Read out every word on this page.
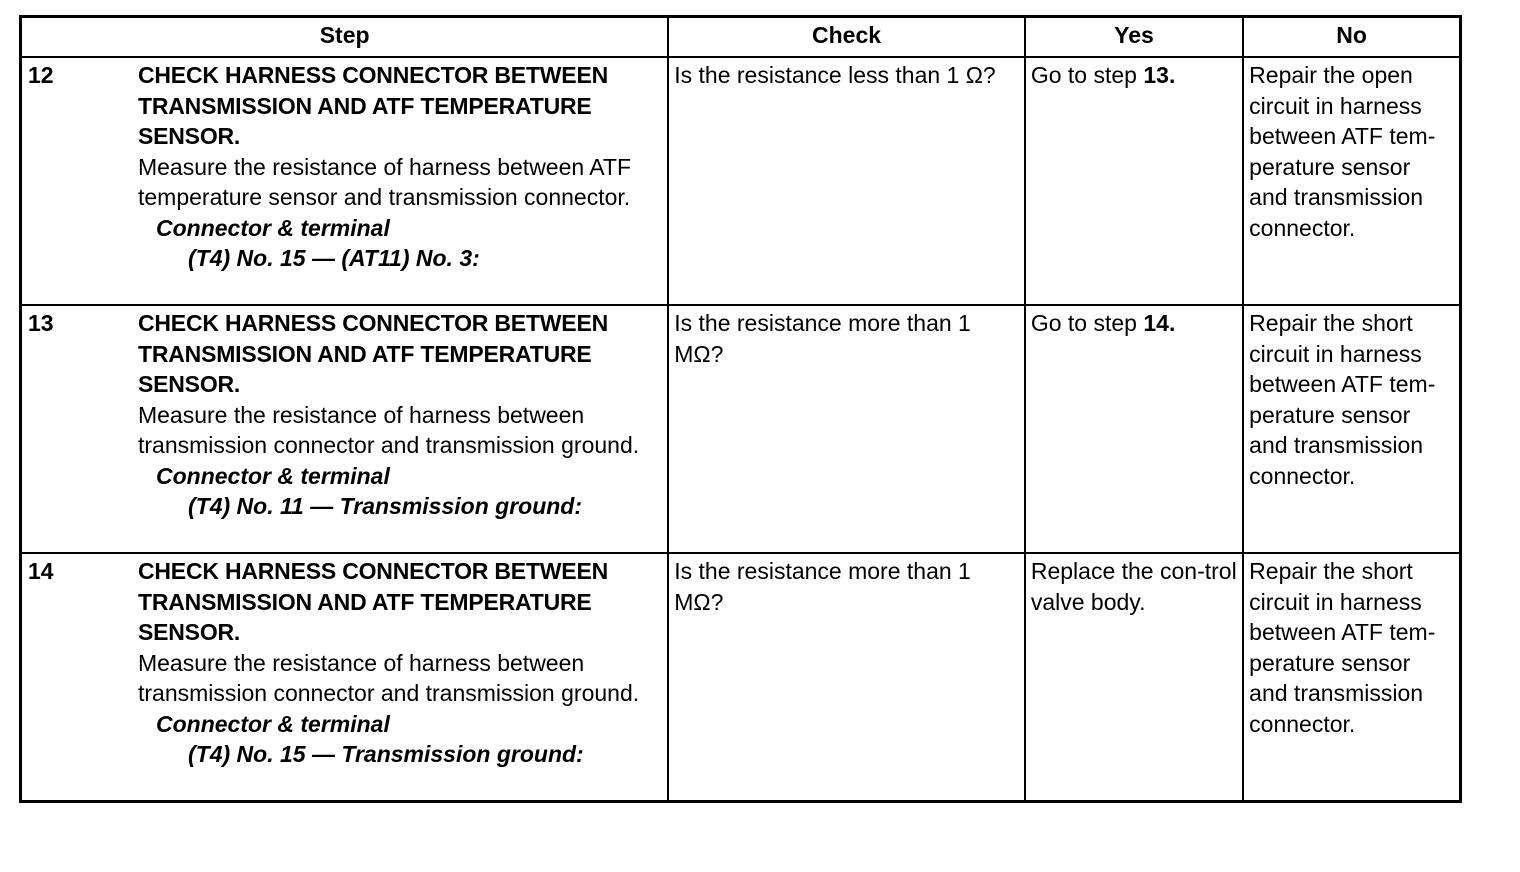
Step		Check	Yes	No
12	CHECK HARNESS CONNECTOR BETWEEN TRANSMISSION AND ATF TEMPERATURE SENSOR.
Measure the resistance of harness between ATF temperature sensor and transmission connector.
Connector & terminal
(T4) No. 15 — (AT11) No. 3:	Is the resistance less than 1 Ω?	Go to step 13.	Repair the open circuit in harness between ATF tem-perature sensor and transmission connector.
13	CHECK HARNESS CONNECTOR BETWEEN TRANSMISSION AND ATF TEMPERATURE SENSOR.
Measure the resistance of harness between transmission connector and transmission ground.
Connector & terminal
(T4) No. 11 — Transmission ground:	Is the resistance more than 1 MΩ?	Go to step 14.	Repair the short circuit in harness between ATF tem-perature sensor and transmission connector.
14	CHECK HARNESS CONNECTOR BETWEEN TRANSMISSION AND ATF TEMPERATURE SENSOR.
Measure the resistance of harness between transmission connector and transmission ground.
Connector & terminal
(T4) No. 15 — Transmission ground:	Is the resistance more than 1 MΩ?	Replace the con-trol valve body.	Repair the short circuit in harness between ATF tem-perature sensor and transmission connector.
